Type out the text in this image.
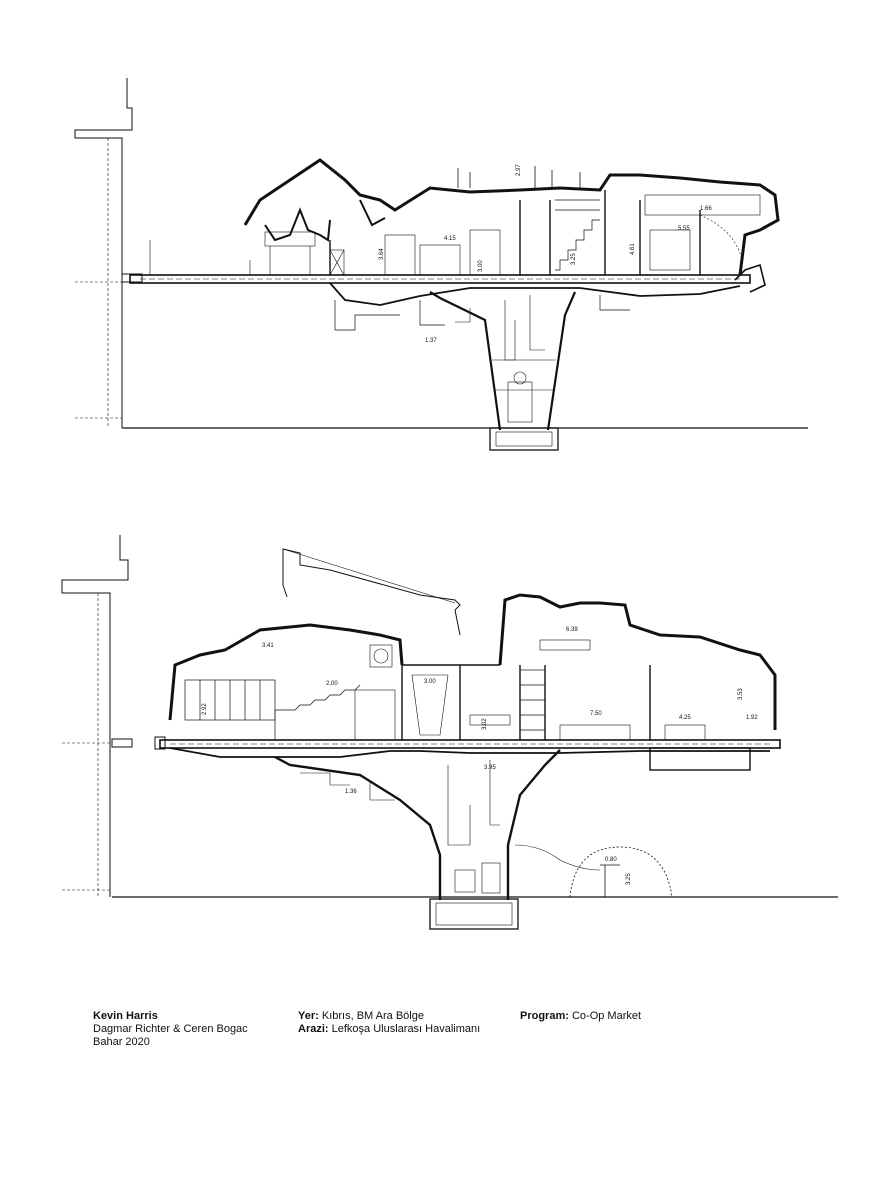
1.66
2.97
4.15
5.55
3.00
3.25
4.61
3.64
1.37
3.41
2.00
2.92
3.00
6.39
7.50
4.25	1.92
3.53
3.02
3.95
1.36
0.80
3.25
Kevin Harris
Dagmar Richter & Ceren Bogac
Bahar 2020
Yer: Kıbrıs, BM Ara Bölge
Arazi: Lefkoşa Uluslarası Havalimanı
Program: Co-Op Market
